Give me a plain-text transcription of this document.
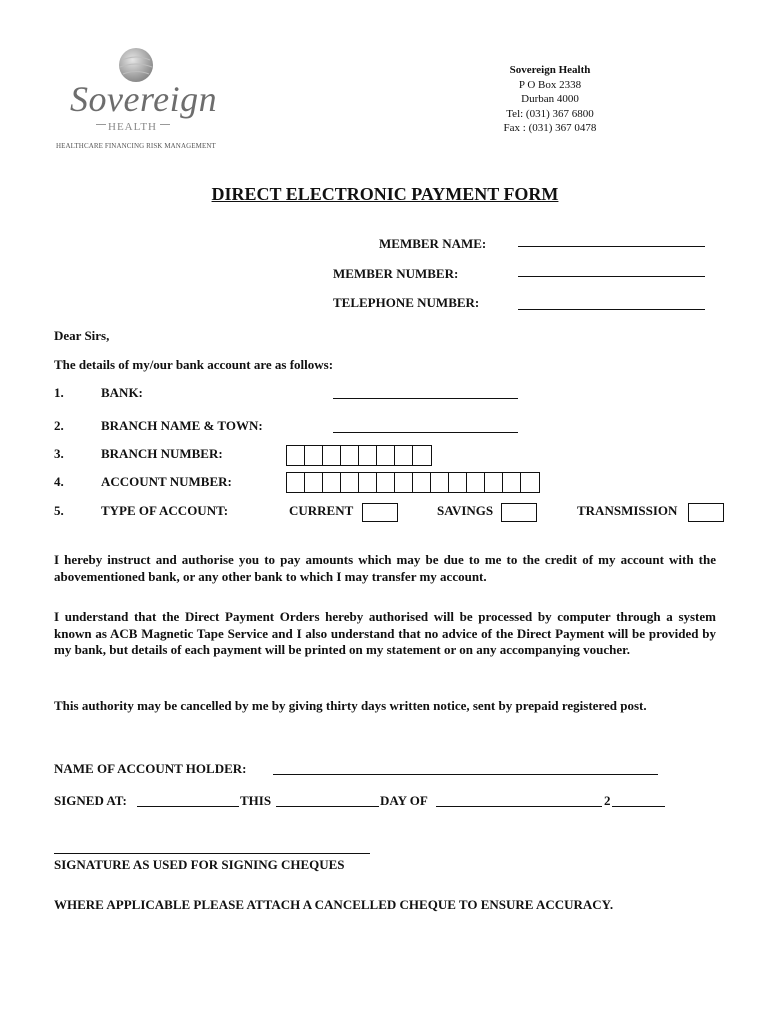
Sovereign
HEALTH
HEALTHCARE FINANCING RISK MANAGEMENT
Sovereign Health
P O Box 2338
Durban 4000
Tel: (031) 367 6800
Fax : (031) 367 0478
DIRECT ELECTRONIC PAYMENT FORM
MEMBER NAME:
MEMBER NUMBER:
TELEPHONE NUMBER:
Dear Sirs,
The details of my/our bank account are as follows:
1.	BANK:
2.	BRANCH NAME & TOWN:
3.	BRANCH NUMBER:
4.	ACCOUNT NUMBER:
5.	TYPE OF ACCOUNT:	CURRENT	SAVINGS	TRANSMISSION
I hereby instruct and authorise you to pay amounts which may be due to me to the credit of my account with the abovementioned bank, or any other bank to which I may transfer my account.
I understand that the Direct Payment Orders hereby authorised will be processed by computer through a system known as ACB Magnetic Tape Service and I also understand that no advice of the Direct Payment will be provided by my bank, but details of each payment will be printed on my statement or on any accompanying voucher.
This authority may be cancelled by me by giving thirty days written notice, sent by prepaid registered post.
NAME OF ACCOUNT HOLDER:
SIGNED AT:	THIS	DAY OF	2
SIGNATURE AS USED FOR SIGNING CHEQUES
WHERE APPLICABLE PLEASE ATTACH A CANCELLED CHEQUE TO ENSURE ACCURACY.
